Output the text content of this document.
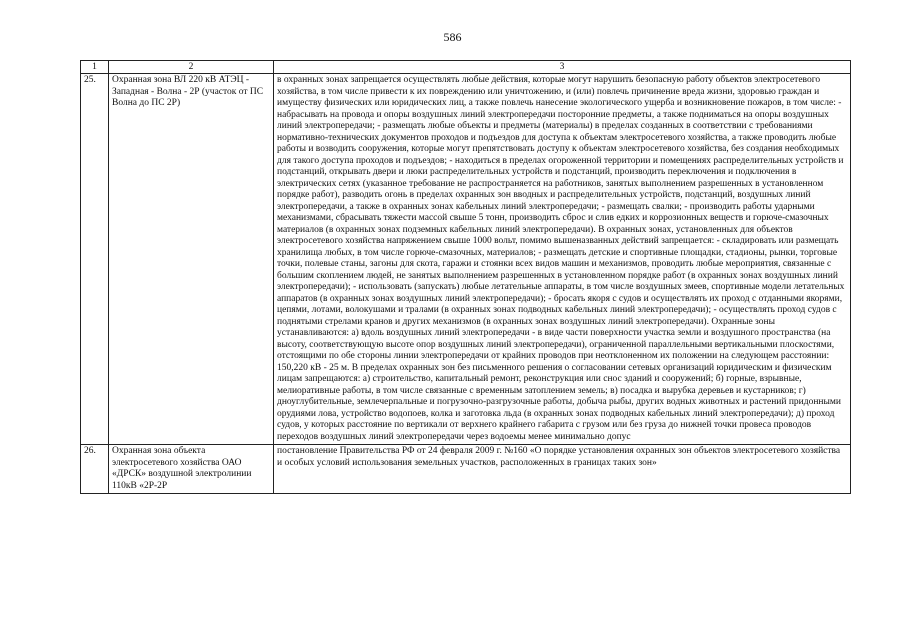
586
1	2	3
25.	Охранная зона ВЛ 220 кВ АТЭЦ - Западная - Волна - 2Р (участок от ПС Волна до ПС 2Р)	в охранных зонах запрещается осуществлять любые действия, которые могут нарушить безопасную работу объектов электросетевого хозяйства, в том числе привести к их повреждению или уничтожению, и (или) повлечь причинение вреда жизни, здоровью граждан и имуществу физических или юридических лиц, а также повлечь нанесение экологического ущерба и возникновение пожаров, в том числе: - набрасывать на провода и опоры воздушных линий электропередачи посторонние предметы, а также подниматься на опоры воздушных линий электропередачи; - размещать любые объекты и предметы (материалы) в пределах созданных в соответствии с требованиями нормативно-технических документов проходов и подъездов для доступа к объектам электросетевого хозяйства, а также проводить любые работы и возводить сооружения, которые могут препятствовать доступу к объектам электросетевого хозяйства, без создания необходимых для такого доступа проходов и подъездов; - находиться в пределах огороженной территории и помещениях распределительных устройств и подстанций, открывать двери и люки распределительных устройств и подстанций, производить переключения и подключения в электрических сетях (указанное требование не распространяется на работников, занятых выполнением разрешенных в установленном порядке работ), разводить огонь в пределах охранных зон вводных и распределительных устройств, подстанций, воздушных линий электропередачи, а также в охранных зонах кабельных линий электропередачи; - размещать свалки; - производить работы ударными механизмами, сбрасывать тяжести массой свыше 5 тонн, производить сброс и слив едких и коррозионных веществ и горюче-смазочных материалов (в охранных зонах подземных кабельных линий электропередачи). В охранных зонах, установленных для объектов электросетевого хозяйства напряжением свыше 1000 вольт, помимо вышеназванных действий запрещается: - складировать или размещать хранилища любых, в том числе горюче-смазочных, материалов; - размещать детские и спортивные площадки, стадионы, рынки, торговые точки, полевые станы, загоны для скота, гаражи и стоянки всех видов машин и механизмов, проводить любые мероприятия, связанные с большим скоплением людей, не занятых выполнением разрешенных в установленном порядке работ (в охранных зонах воздушных линий электропередачи); - использовать (запускать) любые летательные аппараты, в том числе воздушных змеев, спортивные модели летательных аппаратов (в охранных зонах воздушных линий электропередачи); - бросать якоря с судов и осуществлять их проход с отданными якорями, цепями, лотами, волокушами и тралами (в охранных зонах подводных кабельных линий электропередачи); - осуществлять проход судов с поднятыми стрелами кранов и других механизмов (в охранных зонах воздушных линий электропередачи). Охранные зоны устанавливаются: а) вдоль воздушных линий электропередачи - в виде части поверхности участка земли и воздушного пространства (на высоту, соответствующую высоте опор воздушных линий электропередачи), ограниченной параллельными вертикальными плоскостями, отстоящими по обе стороны линии электропередачи от крайних проводов при неотклоненном их положении на следующем расстоянии: 150,220 кВ - 25 м. В пределах охранных зон без письменного решения о согласовании сетевых организаций юридическим и физическим лицам запрещаются: а) строительство, капитальный ремонт, реконструкция или снос зданий и сооружений; б) горные, взрывные, мелиоративные работы, в том числе связанные с временным затоплением земель; в) посадка и вырубка деревьев и кустарников; г) дноуглубительные, землечерпальные и погрузочно-разгрузочные работы, добыча рыбы, других водных животных и растений придонными орудиями лова, устройство водопоев, колка и заготовка льда (в охранных зонах подводных кабельных линий электропередачи); д) проход судов, у которых расстояние по вертикали от верхнего крайнего габарита с грузом или без груза до нижней точки провеса проводов переходов воздушных линий электропередачи через водоемы менее минимально допус
26.	Охранная зона объекта электросетевого хозяйства ОАО «ДРСК» воздушной электролинии 110кВ «2Р-2Р	постановление Правительства РФ от 24 февраля 2009 г. №160 «О порядке установления охранных зон объектов электросетевого хозяйства и особых условий использования земельных участков, расположенных в границах таких зон»
